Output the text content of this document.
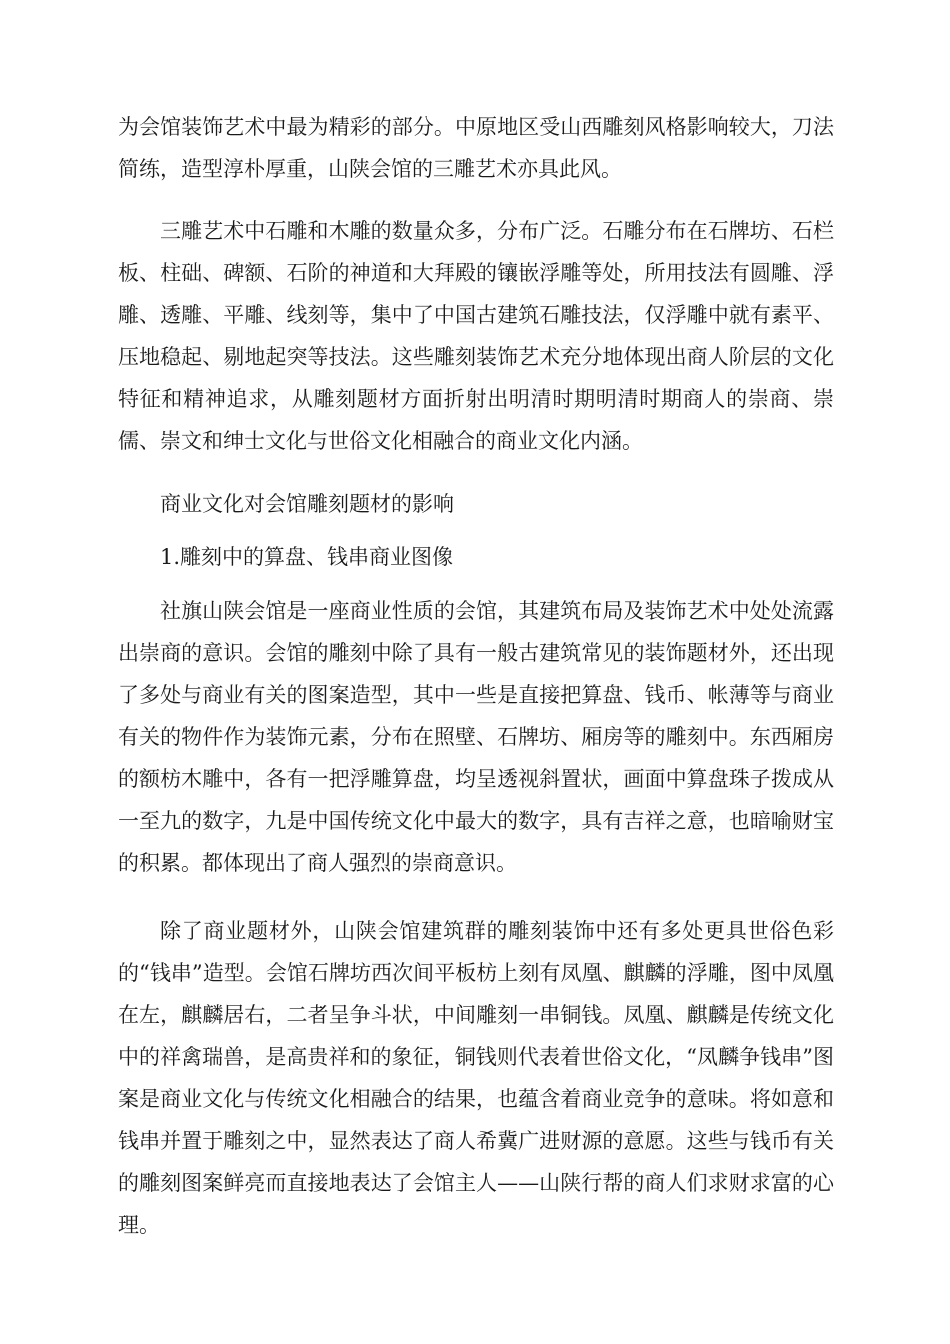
为会馆装饰艺术中最为精彩的部分。中原地区受山西雕刻风格影响较大，刀法简练，造型淳朴厚重，山陕会馆的三雕艺术亦具此风。

三雕艺术中石雕和木雕的数量众多，分布广泛。石雕分布在石牌坊、石栏板、柱础、碑额、石阶的神道和大拜殿的镶嵌浮雕等处，所用技法有圆雕、浮雕、透雕、平雕、线刻等，集中了中国古建筑石雕技法，仅浮雕中就有素平、压地稳起、剔地起突等技法。这些雕刻装饰艺术充分地体现出商人阶层的文化特征和精神追求，从雕刻题材方面折射出明清时期明清时期商人的崇商、崇儒、崇文和绅士文化与世俗文化相融合的商业文化内涵。

商业文化对会馆雕刻题材的影响

1.雕刻中的算盘、钱串商业图像

社旗山陕会馆是一座商业性质的会馆，其建筑布局及装饰艺术中处处流露出崇商的意识。会馆的雕刻中除了具有一般古建筑常见的装饰题材外，还出现了多处与商业有关的图案造型，其中一些是直接把算盘、钱币、帐薄等与商业有关的物件作为装饰元素，分布在照壁、石牌坊、厢房等的雕刻中。东西厢房的额枋木雕中，各有一把浮雕算盘，均呈透视斜置状，画面中算盘珠子拨成从一至九的数字，九是中国传统文化中最大的数字，具有吉祥之意，也暗喻财宝的积累。都体现出了商人强烈的崇商意识。

除了商业题材外，山陕会馆建筑群的雕刻装饰中还有多处更具世俗色彩的“钱串”造型。会馆石牌坊西次间平板枋上刻有凤凰、麒麟的浮雕，图中凤凰在左，麒麟居右，二者呈争斗状，中间雕刻一串铜钱。凤凰、麒麟是传统文化中的祥禽瑞兽，是高贵祥和的象征，铜钱则代表着世俗文化，“凤麟争钱串”图案是商业文化与传统文化相融合的结果，也蕴含着商业竞争的意味。将如意和钱串并置于雕刻之中，显然表达了商人希冀广进财源的意愿。这些与钱币有关的雕刻图案鲜亮而直接地表达了会馆主人——山陕行帮的商人们求财求富的心理。
